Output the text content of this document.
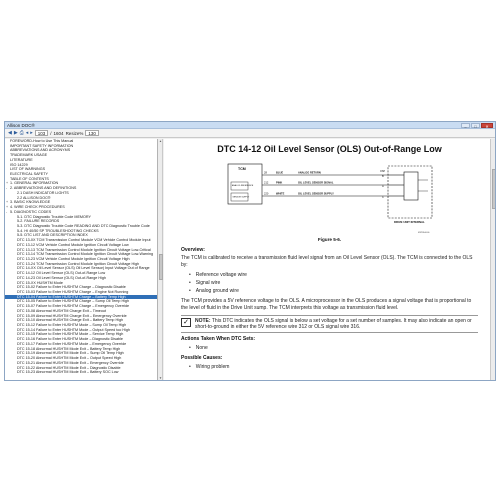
Allison DOC®	–	□	✕
◀ ▶ ⎙ ◂ ▸	103	/ 1604 Resize%	130
FOREWORD-How to Use This Manual
IMPORTANT SAFETY INFORMATION
ABBREVIATIONS AND ACRONYMS
TRADEMARK USAGE
LITERATURE
ISO 14229
LIST OF WARNINGS
ELECTRICAL SAFETY
TABLE OF CONTENTS
+ 1. GENERAL INFORMATION
- 2. ABBREVIATIONS AND DEFINITIONS
2.1 DASH INDICATOR LIGHTS
2.2 ALLISON DOC®
+ 3. BASIC KNOWLEDGE
+ 4. WIRE CHECK PROCEDURES
- 5. DIAGNOSTIC CODES
5-1. DTC Diagnostic Trouble Code MEMORY
5-2. FAILURE RECORDS
5-3. DTC Diagnostic Trouble Code READING AND DTC Diagnostic Trouble Code
5-4. HI 40/50 SP TROUBLESHOOTING CHECKS
5-5. DTC LIST AND DESCRIPTION INDEX
DTC 13-0X TCM Transmission Control Module VCM Vehicle Control Module Input
DTC 13-12 VCM Vehicle Control Module Ignition Circuit Voltage Low
DTC 13-13 TCM Transmission Control Module Ignition Circuit Voltage Low-Critical
DTC 13-14 TCM Transmission Control Module Ignition Circuit Voltage Low-Warning
DTC 13-23 VCM Vehicle Control Module Ignition Circuit Voltage High
DTC 13-24 TCM Transmission Control Module Ignition Circuit Voltage High
DTC 14-XX Oil Level Sensor (OLS) Oil Level Sensor) Input Voltage Out of Range
DTC 14-12 Oil Level Sensor (OLS) Out-of-Range Low
DTC 14-23 Oil Level Sensor (OLS) Out-of-Range High
DTC 15-XX HUSHTM Mode
DTC 15-02 Failure to Enter HUSHTM Charge – Diagnostic Disable
DTC 15-03 Failure to Enter HUSHTM Charge – Engine Not Running
DTC 15-04 Failure to Enter HUSHTM Charge – Battery Temp High
DTC 15-05 Failure to Enter HUSHTM Charge – Sump Oil Temp High
DTC 15-07 Failure to Enter HUSHTM Charge – Emergency Override
DTC 15-08 Abnormal HUSHTM Charge Exit – Timeout
DTC 15-09 Abnormal HUSHTM Charge Exit – Emergency Override
DTC 15-10 Abnormal HUSHTM Charge Exit – Battery Temp High
DTC 15-12 Failure to Enter HUSHTM Mode – Sump Oil Temp High
DTC 15-14 Failure to Enter HUSHTM Mode – Output Speed too High
DTC 15-15 Failure to Enter HUSHTM Mode – Service Temp High
DTC 15-16 Failure to Enter HUSHTM Mode – Diagnostic Disable
DTC 15-17 Failure to Enter HUSHTM Mode – Emergency Override
DTC 15-18 Abnormal HUSHTM Mode Exit – Battery Temp High
DTC 15-19 Abnormal HUSHTM Mode Exit – Sump Oil Temp High
DTC 15-20 Abnormal HUSHTM Mode Exit – Output Speed High
DTC 15-21 Abnormal HUSHTM Mode Exit – Emergency Override
DTC 15-22 Abnormal HUSHTM Mode Exit – Diagnostic Disable
DTC 15-23 Abnormal HUSHTM Mode Exit – Battery SOC Low
▲
▼
DTC 14-12 Oil Level Sensor (OLS) Out-of-Range Low
TCM
ANALOG REFERENCE
SENSOR SUPPLY
28	BLUE	ANALOG RETURN
212	PINK	OIL LEVEL SENSOR SIGNAL
220	WHITE	OIL LEVEL SENSOR SUPPLY
OSP
B
A
C
DRIVE UNIT INTERNAL
V07126.00.00
Figure 5-6.
Overview:

The TCM is calibrated to receive a transmission fluid level signal from an Oil Level Sensor (OLS). The TCM is connected to the OLS by:

• Reference voltage wire
• Signal wire
• Analog ground wire

The TCM provides a 5V reference voltage to the OLS. A microprocessor in the OLS produces a signal voltage that is proportional to the level of fluid in the Drive Unit sump. The TCM interprets this voltage as transmission fluid level.

✓	NOTE: This DTC indicates the OLS signal is below a set voltage for a set number of samples. It may also indicate an open or short-to-ground in either the 5V reference wire 312 or OLS signal wire 316.

Actions Taken When DTC Sets:
• None
Possible Causes:
• Wiring problem
